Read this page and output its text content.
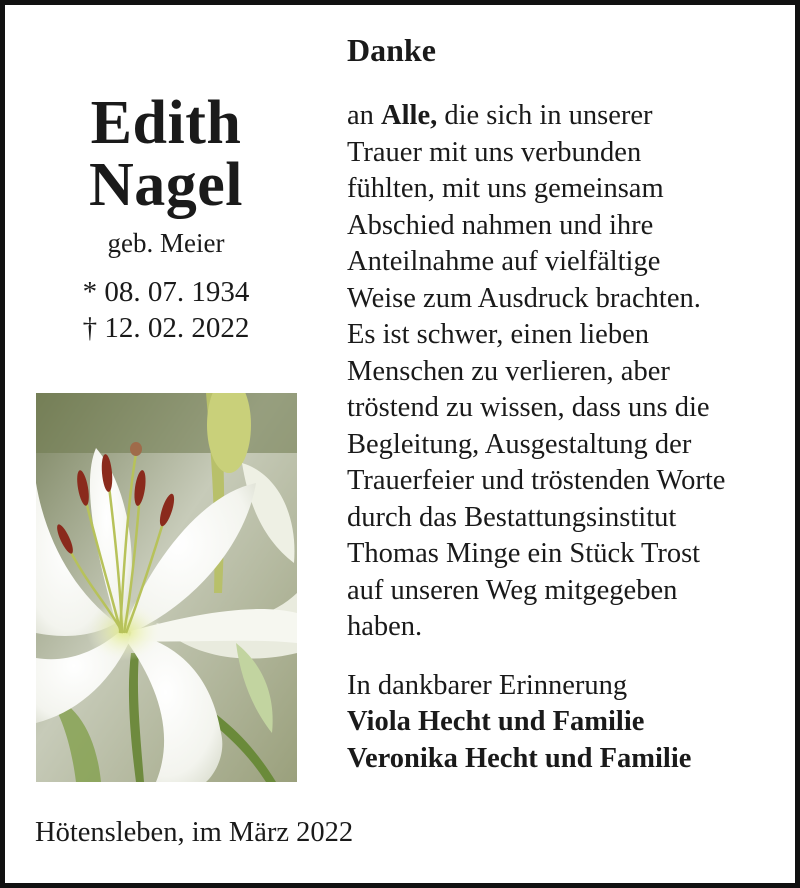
Edith
Nagel
geb. Meier
* 08. 07. 1934
† 12. 02. 2022
Danke
an Alle, die sich in unserer
Trauer mit uns verbunden
fühlten, mit uns gemeinsam
Abschied nahmen und ihre
Anteilnahme auf vielfältige
Weise zum Ausdruck brachten.
Es ist schwer, einen lieben
Menschen zu verlieren, aber
tröstend zu wissen, dass uns die
Begleitung, Ausgestaltung der
Trauerfeier und tröstenden Worte
durch das Bestattungsinstitut
Thomas Minge ein Stück Trost
auf unseren Weg mitgegeben
haben.
In dankbarer Erinnerung
Viola Hecht und Familie
Veronika Hecht und Familie
Hötensleben, im März 2022
